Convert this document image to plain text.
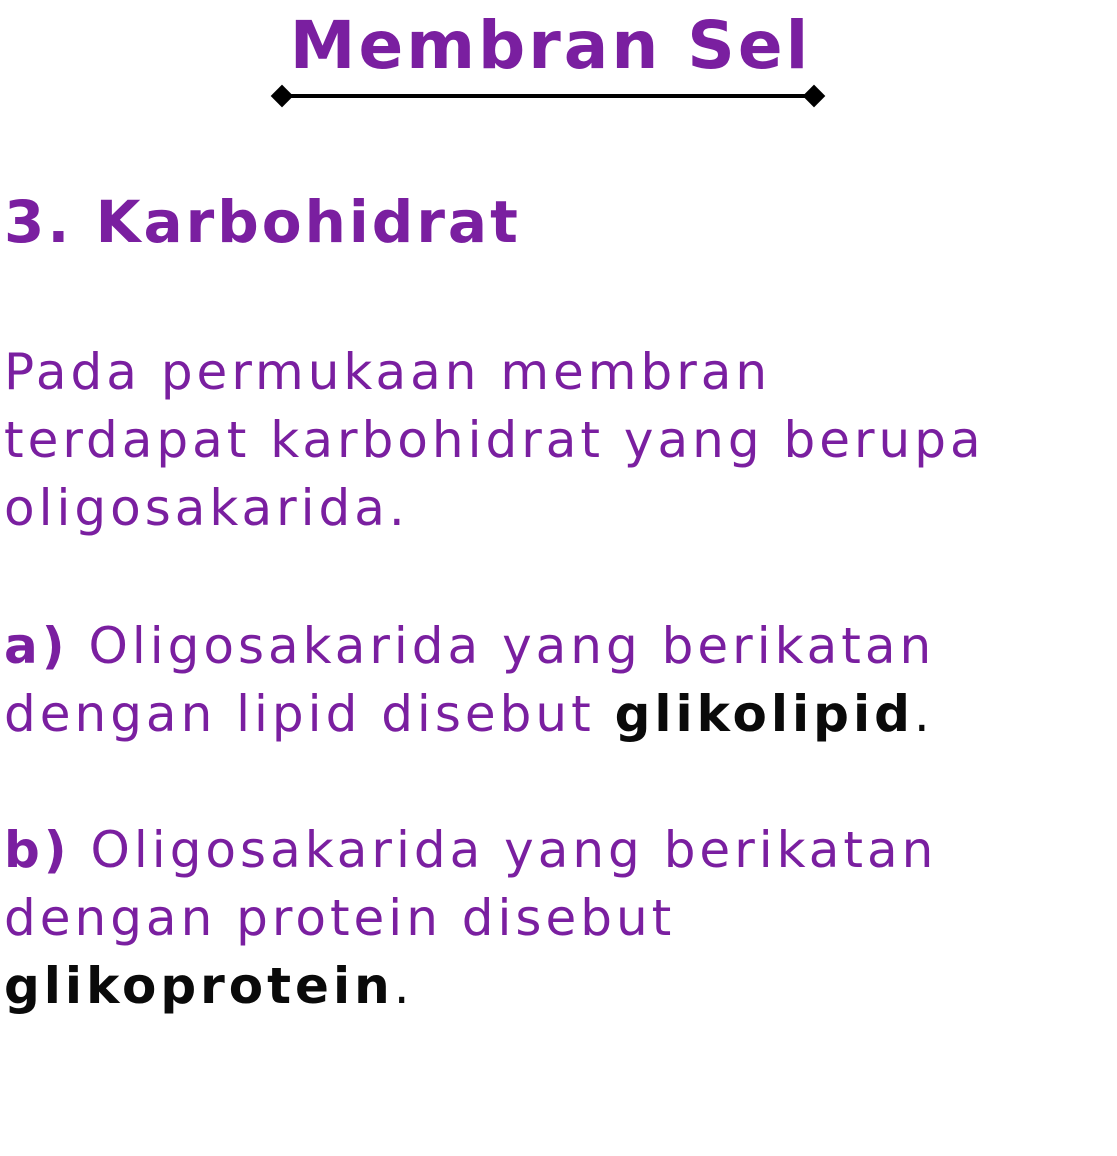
Membran Sel
3. Karbohidrat
Pada permukaan membran
terdapat karbohidrat yang berupa
oligosakarida.
a) Oligosakarida yang berikatan
dengan lipid disebut glikolipid.
b) Oligosakarida yang berikatan
dengan protein disebut
glikoprotein.
